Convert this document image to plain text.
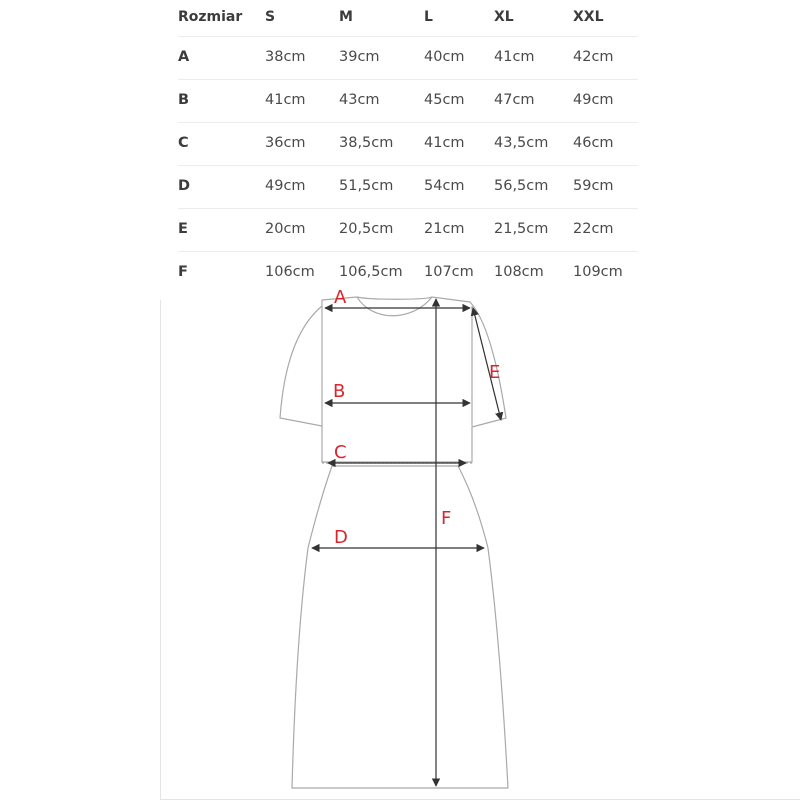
Rozmiar S	M	L	XL	XXL
A	38cm 39cm	40cm 41cm	42cm
B	41cm 43cm	45cm 47cm	49cm
C	36cm 38,5cm 41cm 43,5cm 46cm
D	49cm 51,5cm 54cm 56,5cm 59cm
E	20cm 20,5cm 21cm 21,5cm 22cm
F	106cm 106,5cm 107cm 108cm 109cm
A
B
C
D
E
F
